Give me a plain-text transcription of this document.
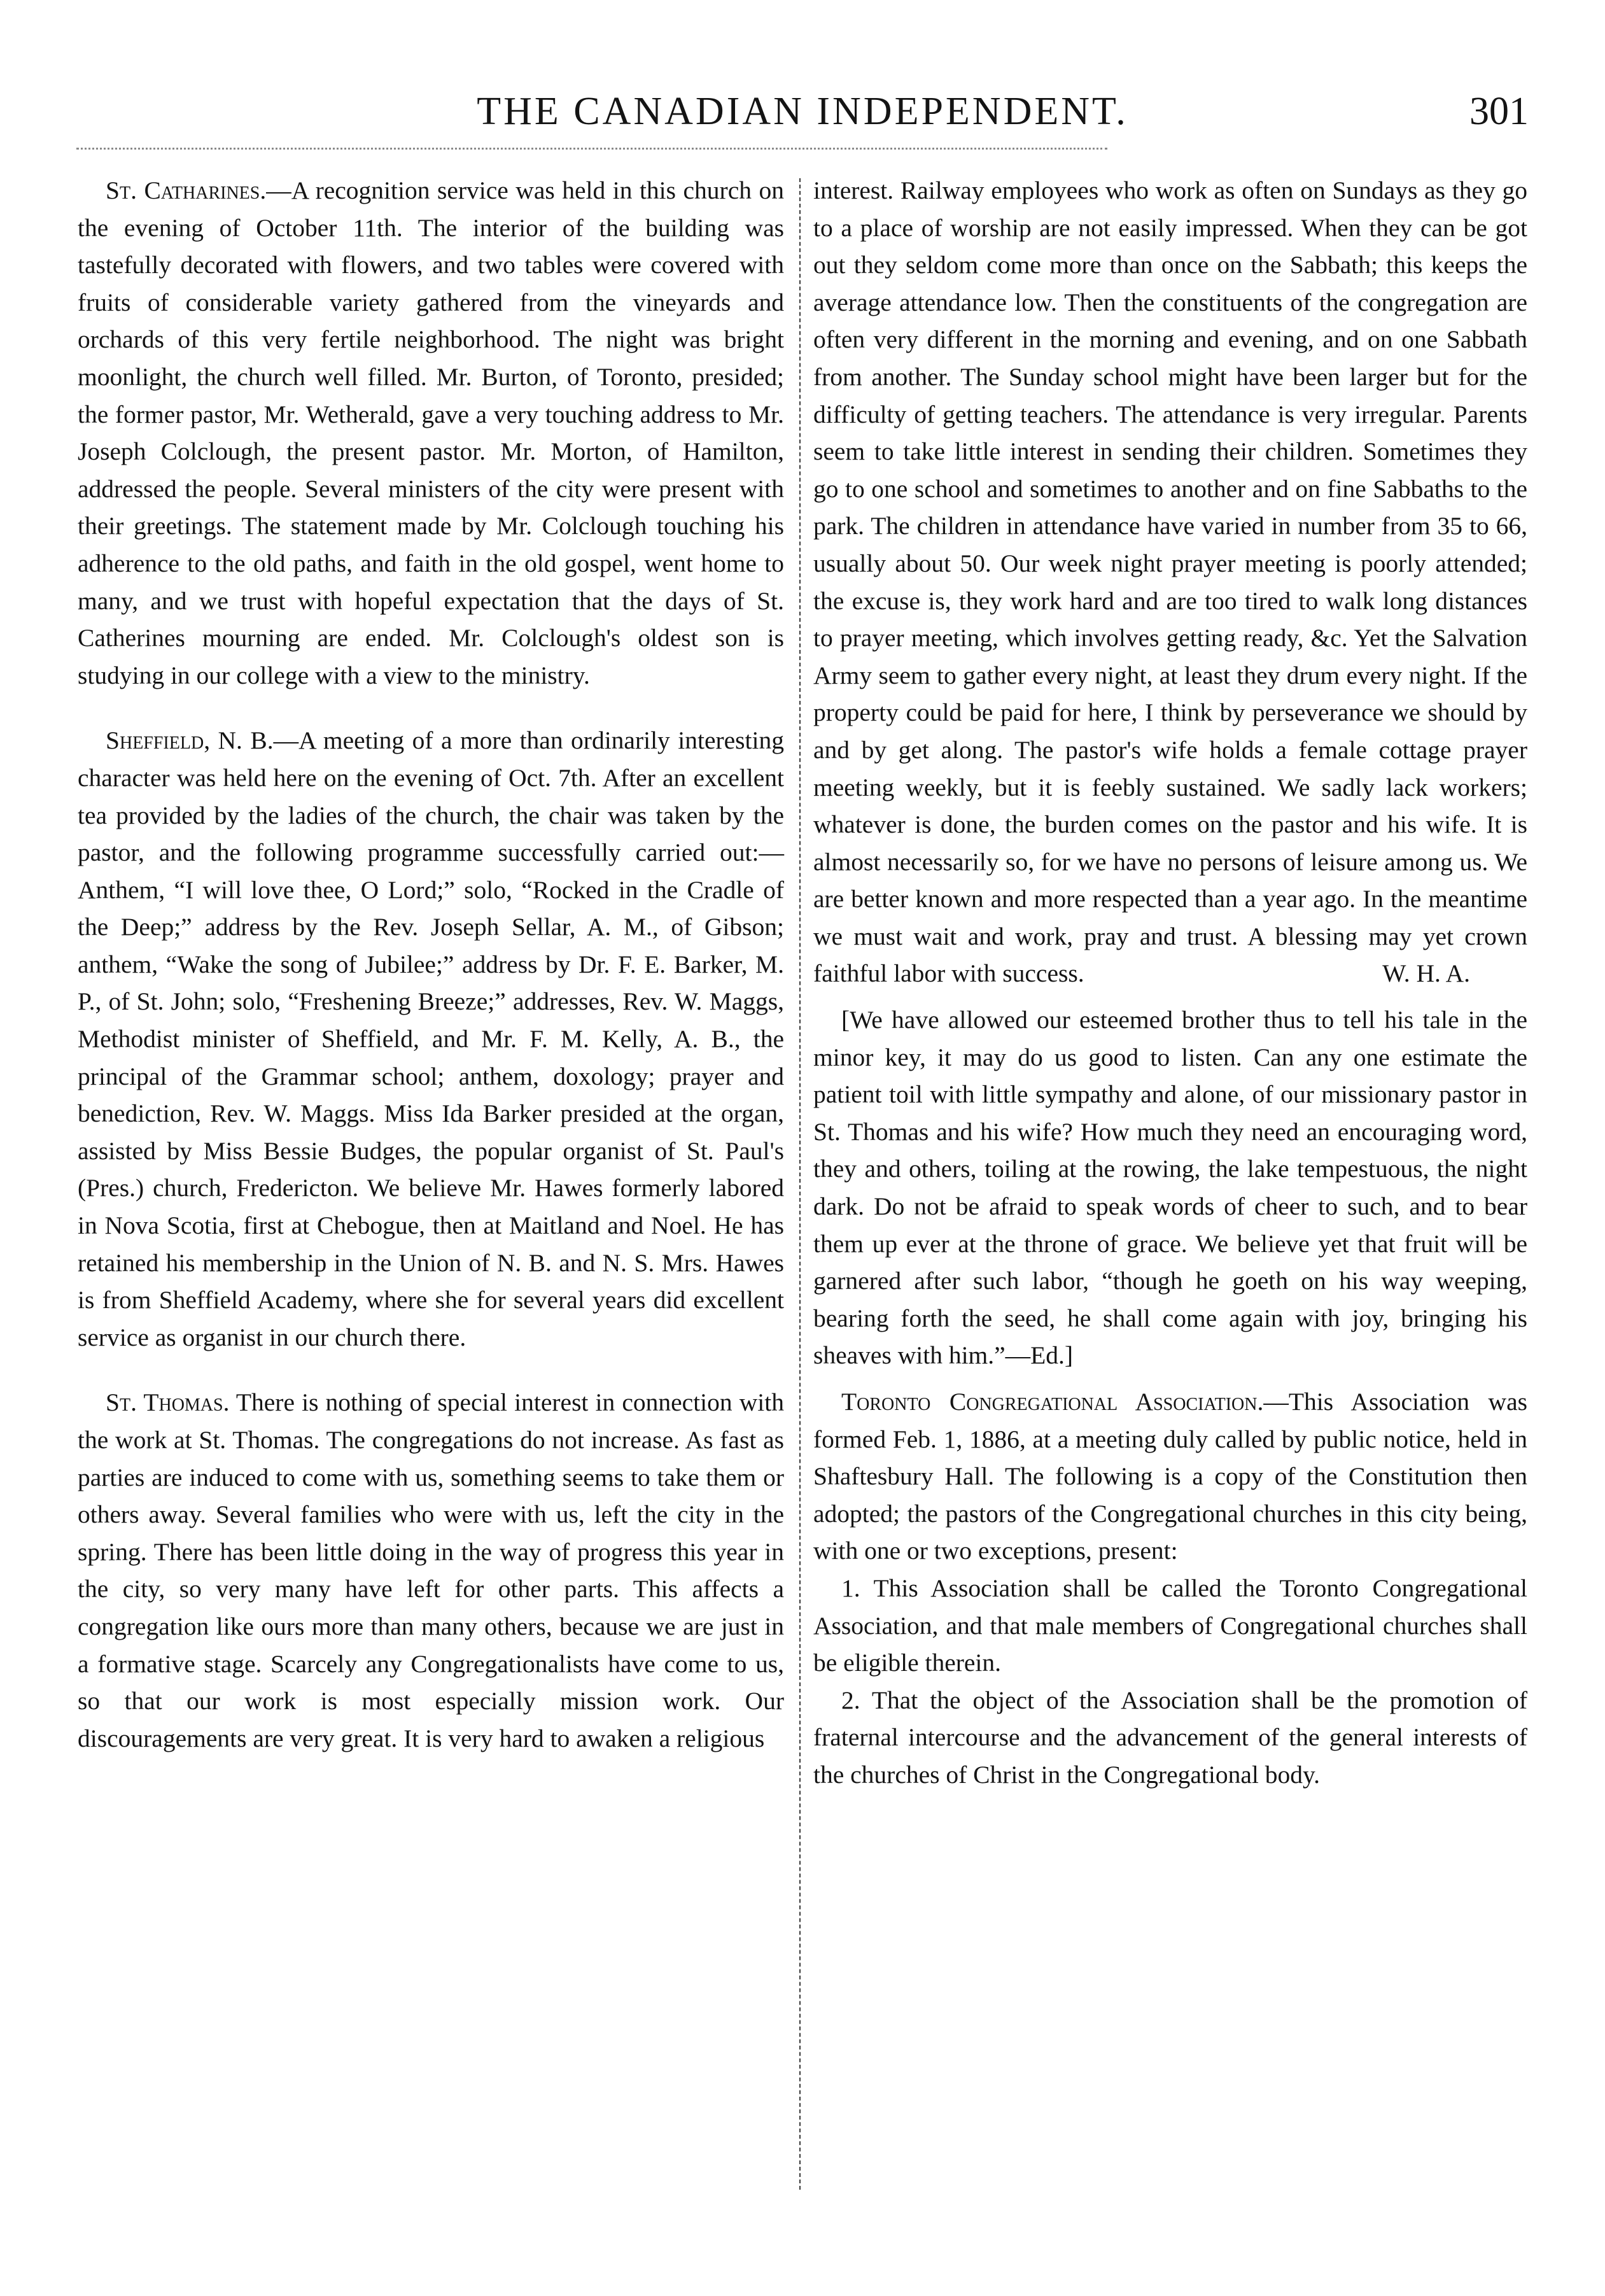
THE CANADIAN INDEPENDENT.	301

St. Catharines.—A recognition service was held in this church on the evening of October 11th. The interior of the building was tastefully decorated with flowers, and two tables were covered with fruits of considerable variety gathered from the vineyards and orchards of this very fertile neighborhood. The night was bright moonlight, the church well filled. Mr. Burton, of Toronto, presided; the former pastor, Mr. Wetherald, gave a very touching address to Mr. Joseph Colclough, the present pastor. Mr. Morton, of Hamilton, addressed the people. Several ministers of the city were present with their greetings. The statement made by Mr. Colclough touching his adherence to the old paths, and faith in the old gospel, went home to many, and we trust with hopeful expectation that the days of St. Catherines mourning are ended. Mr. Colclough's oldest son is studying in our college with a view to the ministry.

Sheffield, N. B.—A meeting of a more than ordinarily interesting character was held here on the evening of Oct. 7th. After an excellent tea provided by the ladies of the church, the chair was taken by the pastor, and the following programme successfully carried out:—Anthem, “I will love thee, O Lord;” solo, “Rocked in the Cradle of the Deep;” address by the Rev. Joseph Sellar, A. M., of Gibson; anthem, “Wake the song of Jubilee;” address by Dr. F. E. Barker, M. P., of St. John; solo, “Freshening Breeze;” addresses, Rev. W. Maggs, Methodist minister of Sheffield, and Mr. F. M. Kelly, A. B., the principal of the Grammar school; anthem, doxology; prayer and benediction, Rev. W. Maggs. Miss Ida Barker presided at the organ, assisted by Miss Bessie Budges, the popular organist of St. Paul's (Pres.) church, Fredericton. We believe Mr. Hawes formerly labored in Nova Scotia, first at Chebogue, then at Maitland and Noel. He has retained his membership in the Union of N. B. and N. S. Mrs. Hawes is from Sheffield Academy, where she for several years did excellent service as organist in our church there.

St. Thomas. There is nothing of special interest in connection with the work at St. Thomas. The congregations do not increase. As fast as parties are induced to come with us, something seems to take them or others away. Several families who were with us, left the city in the spring. There has been little doing in the way of progress this year in the city, so very many have left for other parts. This affects a congregation like ours more than many others, because we are just in a formative stage. Scarcely any Congregationalists have come to us, so that our work is most especially mission work. Our discouragements are very great. It is very hard to awaken a religious

interest. Railway employees who work as often on Sundays as they go to a place of worship are not easily impressed. When they can be got out they seldom come more than once on the Sabbath; this keeps the average attendance low. Then the constituents of the congregation are often very different in the morning and evening, and on one Sabbath from another. The Sunday school might have been larger but for the difficulty of getting teachers. The attendance is very irregular. Parents seem to take little interest in sending their children. Sometimes they go to one school and sometimes to another and on fine Sabbaths to the park. The children in attendance have varied in number from 35 to 66, usually about 50. Our week night prayer meeting is poorly attended; the excuse is, they work hard and are too tired to walk long distances to prayer meeting, which involves getting ready, &c. Yet the Salvation Army seem to gather every night, at least they drum every night. If the property could be paid for here, I think by perseverance we should by and by get along. The pastor's wife holds a female cottage prayer meeting weekly, but it is feebly sustained. We sadly lack workers; whatever is done, the burden comes on the pastor and his wife. It is almost necessarily so, for we have no persons of leisure among us. We are better known and more respected than a year ago. In the meantime we must wait and work, pray and trust. A blessing may yet crown faithful labor with success.	W. H. A.

[We have allowed our esteemed brother thus to tell his tale in the minor key, it may do us good to listen. Can any one estimate the patient toil with little sympathy and alone, of our missionary pastor in St. Thomas and his wife? How much they need an encouraging word, they and others, toiling at the rowing, the lake tempestuous, the night dark. Do not be afraid to speak words of cheer to such, and to bear them up ever at the throne of grace. We believe yet that fruit will be garnered after such labor, “though he goeth on his way weeping, bearing forth the seed, he shall come again with joy, bringing his sheaves with him.”—Ed.]

Toronto Congregational Association.—This Association was formed Feb. 1, 1886, at a meeting duly called by public notice, held in Shaftesbury Hall. The following is a copy of the Constitution then adopted; the pastors of the Congregational churches in this city being, with one or two exceptions, present:

1. This Association shall be called the Toronto Congregational Association, and that male members of Congregational churches shall be eligible therein.

2. That the object of the Association shall be the promotion of fraternal intercourse and the advancement of the general interests of the churches of Christ in the Congregational body.
